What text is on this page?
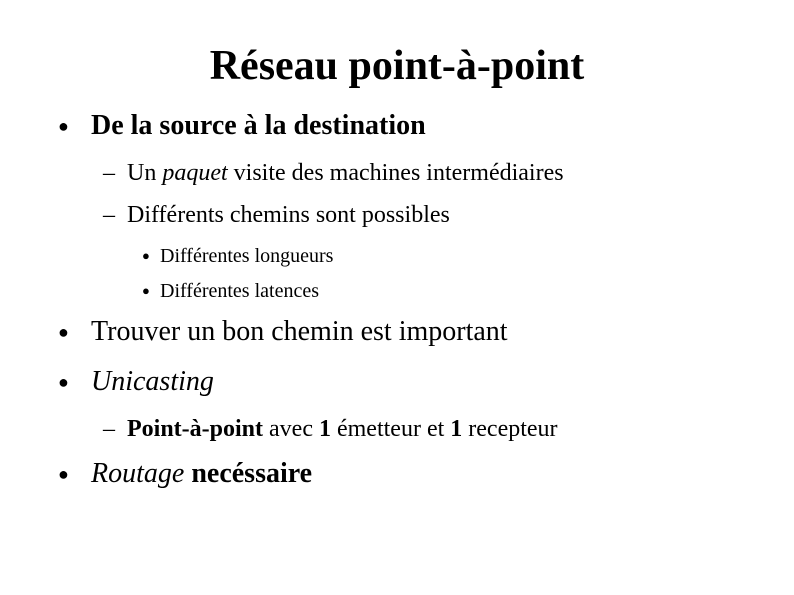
Réseau point-à-point
● De la source à la destination
– Un paquet visite des machines intermédiaires
– Différents chemins sont possibles
● Différentes longueurs
● Différentes latences
● Trouver un bon chemin est important
● Unicasting
– Point-à-point avec 1 émetteur et 1 recepteur
● Routage necéssaire
